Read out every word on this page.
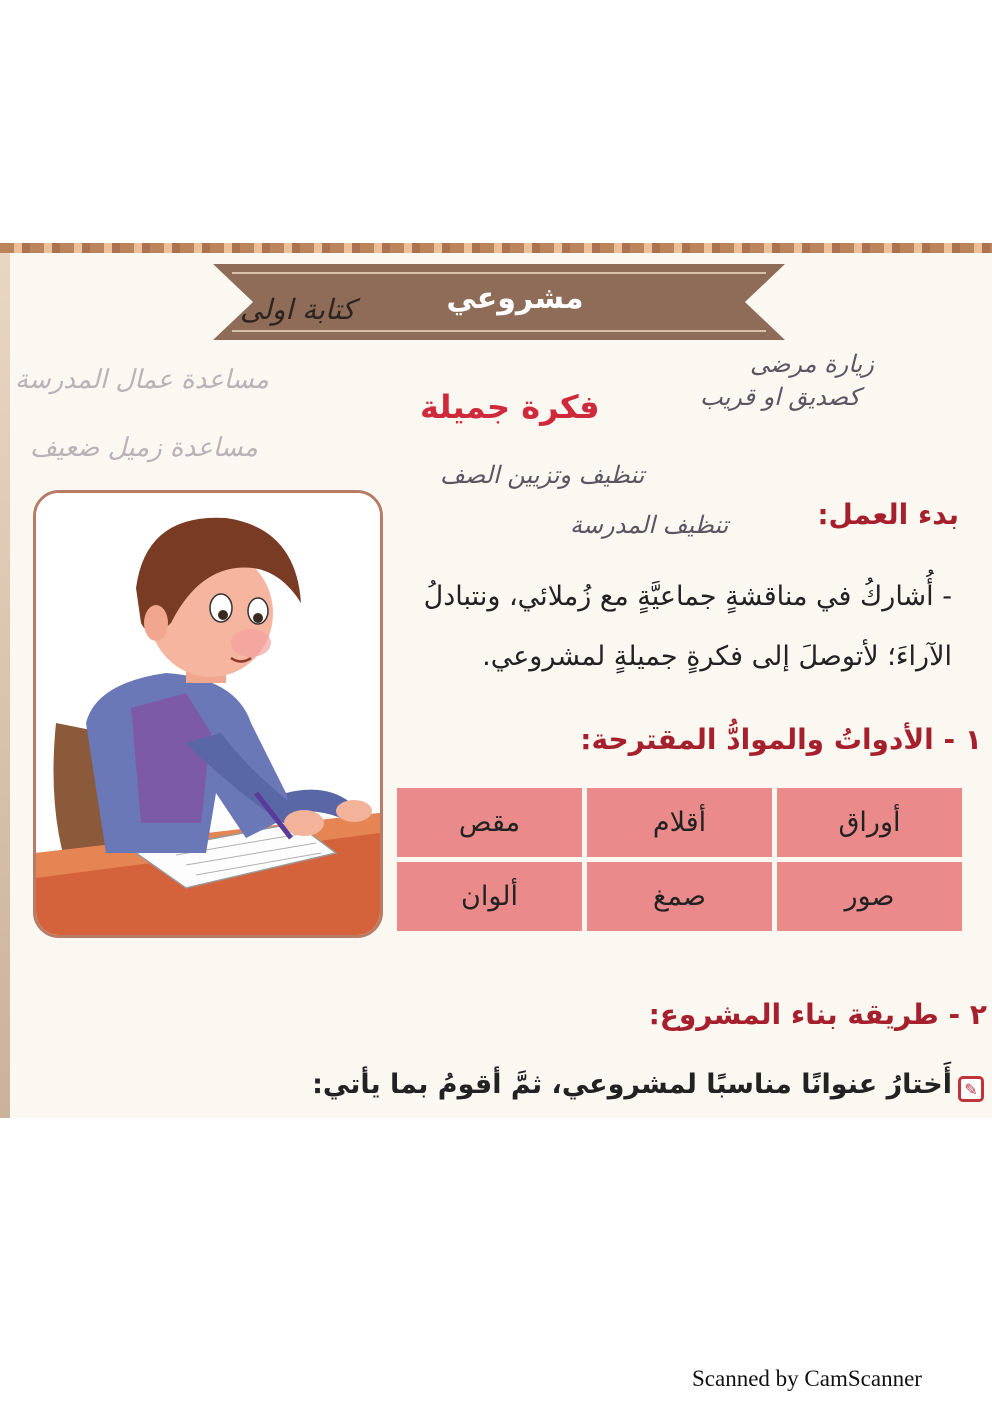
مشروعي
كتابة اولى
زيارة مرضى
كصديق او قريب
مساعدة عمال المدرسة
مساعدة زميل ضعيف
تنظيف وتزيين الصف
تنظيف المدرسة
فكرة جميلة
بدء العمل:
- أُشاركُ في مناقشةٍ جماعيَّةٍ مع زُملائي، ونتبادلُ
الآراءَ؛ لأتوصلَ إلى فكرةٍ جميلةٍ لمشروعي.
١ - الأدواتُ والموادُّ المقترحة:
أوراق
أقلام
مقص
صور
صمغ
ألوان
٢ - طريقة بناء المشروع:
✎
أَختارُ عنوانًا مناسبًا لمشروعي، ثمَّ أقومُ بما يأتي:
Scanned by CamScanner
